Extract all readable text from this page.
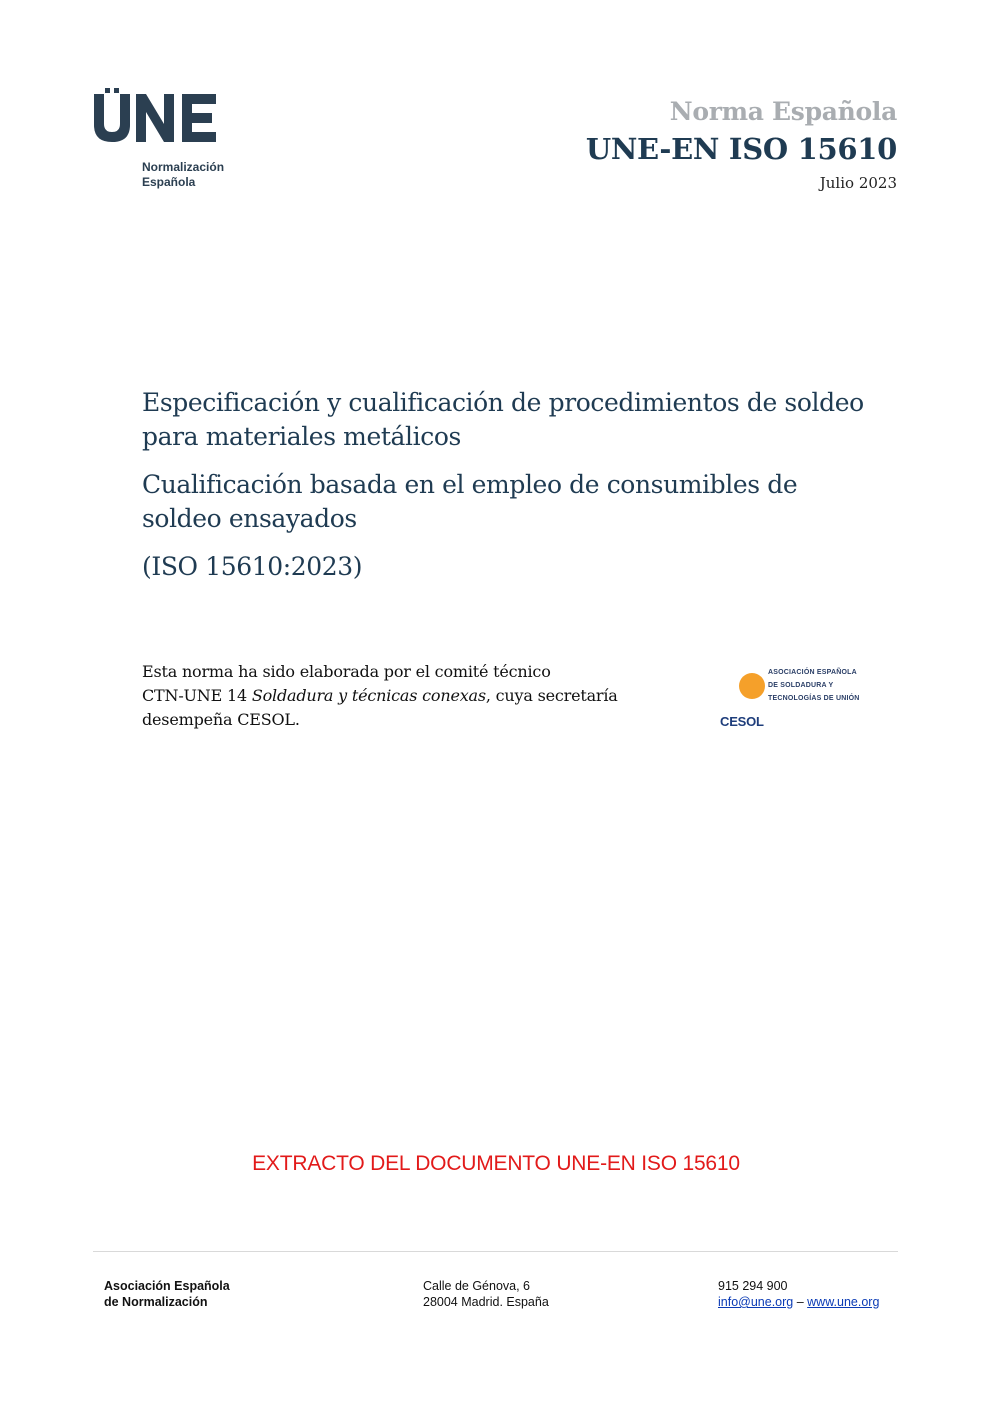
Normalización
Española
Norma Española
UNE-EN ISO 15610
Julio 2023
Especificación y cualificación de procedimientos de soldeo
para materiales metálicos
Cualificación basada en el empleo de consumibles de
soldeo ensayados
(ISO 15610:2023)
Esta norma ha sido elaborada por el comité técnico
CTN-UNE 14 Soldadura y técnicas conexas, cuya secretaría
desempeña CESOL.
ASOCIACIÓN ESPAÑOLA
DE SOLDADURA Y
TECNOLOGÍAS DE UNIÓN
CESOL
EXTRACTO DEL DOCUMENTO UNE-EN ISO 15610
Asociación Española
de Normalización
Calle de Génova, 6
28004 Madrid. España
915 294 900
info@une.org – www.une.org
